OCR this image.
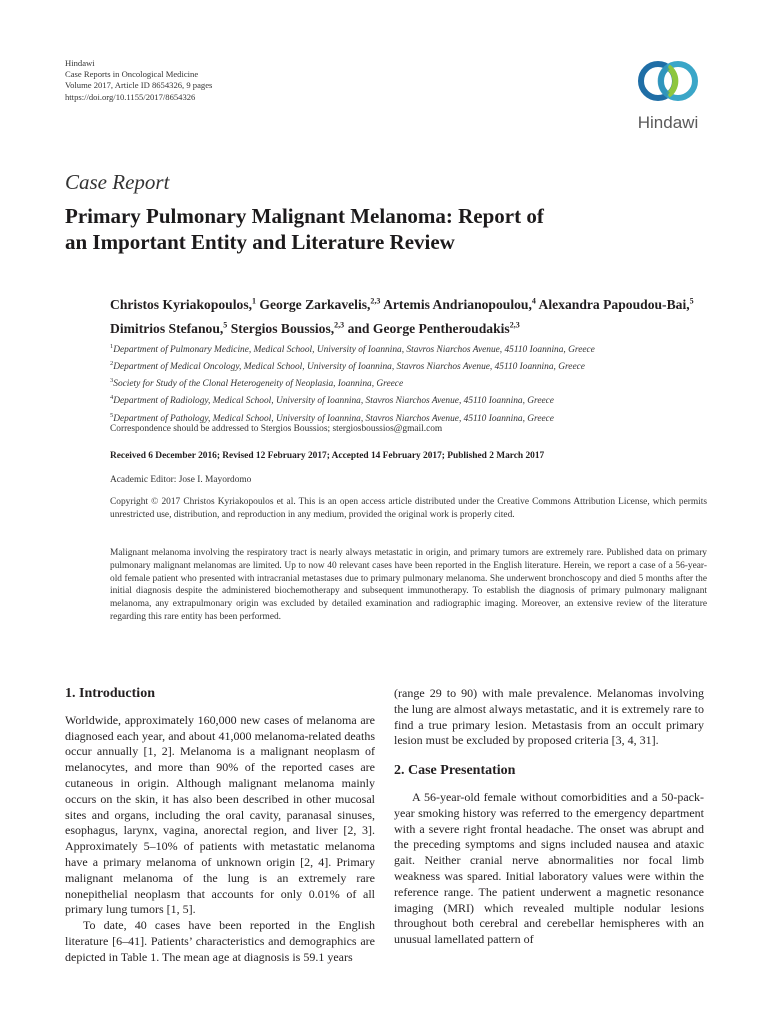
Hindawi
Case Reports in Oncological Medicine
Volume 2017, Article ID 8654326, 9 pages
https://doi.org/10.1155/2017/8654326
Hindawi
Case Report
Primary Pulmonary Malignant Melanoma: Report of
an Important Entity and Literature Review
Christos Kyriakopoulos,$^1$ George Zarkavelis,$^{2,3}$ Artemis Andrianopoulou,$^4$ Alexandra Papoudou-Bai,$^5$ Dimitrios Stefanou,$^5$ Stergios Boussios,$^{2,3}$ and George Pentheroudakis$^{2,3}$
$^1$Department of Pulmonary Medicine, Medical School, University of Ioannina, Stavros Niarchos Avenue, 45110 Ioannina, Greece
$^2$Department of Medical Oncology, Medical School, University of Ioannina, Stavros Niarchos Avenue, 45110 Ioannina, Greece
$^3$Society for Study of the Clonal Heterogeneity of Neoplasia, Ioannina, Greece
$^4$Department of Radiology, Medical School, University of Ioannina, Stavros Niarchos Avenue, 45110 Ioannina, Greece
$^5$Department of Pathology, Medical School, University of Ioannina, Stavros Niarchos Avenue, 45110 Ioannina, Greece
Correspondence should be addressed to Stergios Boussios; stergiosboussios@gmail.com
Received 6 December 2016; Revised 12 February 2017; Accepted 14 February 2017; Published 2 March 2017
Academic Editor: Jose I. Mayordomo
Copyright © 2017 Christos Kyriakopoulos et al. This is an open access article distributed under the Creative Commons Attribution License, which permits unrestricted use, distribution, and reproduction in any medium, provided the original work is properly cited.
Malignant melanoma involving the respiratory tract is nearly always metastatic in origin, and primary tumors are extremely rare. Published data on primary pulmonary malignant melanomas are limited. Up to now 40 relevant cases have been reported in the English literature. Herein, we report a case of a 56-year-old female patient who presented with intracranial metastases due to primary pulmonary melanoma. She underwent bronchoscopy and died 5 months after the initial diagnosis despite the administered biochemotherapy and subsequent immunotherapy. To establish the diagnosis of primary pulmonary malignant melanoma, any extrapulmonary origin was excluded by detailed examination and radiographic imaging. Moreover, an extensive review of the literature regarding this rare entity has been performed.
1. Introduction

Worldwide, approximately 160,000 new cases of melanoma are diagnosed each year, and about 41,000 melanoma-related deaths occur annually [1, 2]. Melanoma is a malignant neoplasm of melanocytes, and more than 90% of the reported cases are cutaneous in origin. Although malignant melanoma mainly occurs on the skin, it has also been described in other mucosal sites and organs, including the oral cavity, paranasal sinuses, esophagus, larynx, vagina, anorectal region, and liver [2, 3]. Approximately 5–10% of patients with metastatic melanoma have a primary melanoma of unknown origin [2, 4]. Primary malignant melanoma of the lung is an extremely rare nonepithelial neoplasm that accounts for only 0.01% of all primary lung tumors [1, 5].

To date, 40 cases have been reported in the English literature [6–41]. Patients’ characteristics and demographics are depicted in Table 1. The mean age at diagnosis is 59.1 years

(range 29 to 90) with male prevalence. Melanomas involving the lung are almost always metastatic, and it is extremely rare to find a true primary lesion. Metastasis from an occult primary lesion must be excluded by proposed criteria [3, 4, 31].

2. Case Presentation

A 56-year-old female without comorbidities and a 50-pack-year smoking history was referred to the emergency department with a severe right frontal headache. The onset was abrupt and the preceding symptoms and signs included nausea and ataxic gait. Neither cranial nerve abnormalities nor focal limb weakness was spared. Initial laboratory values were within the reference range. The patient underwent a magnetic resonance imaging (MRI) which revealed multiple nodular lesions throughout both cerebral and cerebellar hemispheres with an unusual lamellated pattern of
